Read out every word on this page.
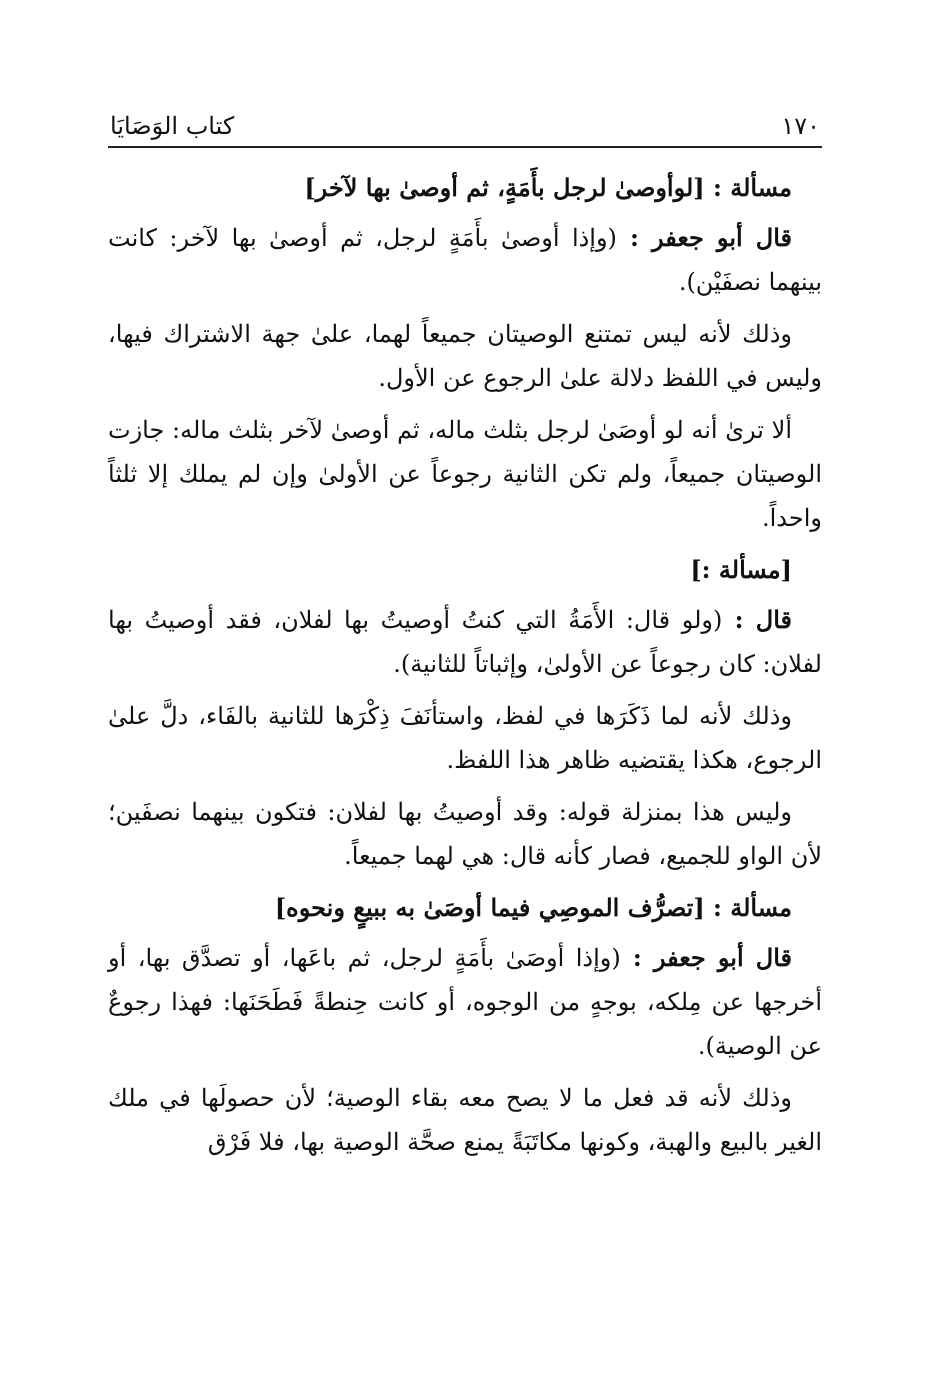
١٧٠
كتاب الوَصَايَا

مسألة : [لوأوصىٰ لرجل بأَمَةٍ، ثم أوصىٰ بها لآخر]

قال أبو جعفر : (وإذا أوصىٰ بأَمَةٍ لرجل، ثم أوصىٰ بها لآخر: كانت بينهما نصفَيْن).

وذلك لأنه ليس تمتنع الوصيتان جميعاً لهما، علىٰ جهة الاشتراك فيها، وليس في اللفظ دلالة علىٰ الرجوع عن الأول.

ألا ترىٰ أنه لو أوصَىٰ لرجل بثلث ماله، ثم أوصىٰ لآخر بثلث ماله: جازت الوصيتان جميعاً، ولم تكن الثانية رجوعاً عن الأولىٰ وإن لم يملك إلا ثلثاً واحداً.

[مسألة :]

قال : (ولو قال: الأَمَةُ التي كنتُ أوصيتُ بها لفلان، فقد أوصيتُ بها لفلان: كان رجوعاً عن الأولىٰ، وإثباتاً للثانية).

وذلك لأنه لما ذَكَرَها في لفظ، واستأنَفَ ذِكْرَها للثانية بالفَاء، دلَّ علىٰ الرجوع، هكذا يقتضيه ظاهر هذا اللفظ.

وليس هذا بمنزلة قوله: وقد أوصيتُ بها لفلان: فتكون بينهما نصفَين؛ لأن الواو للجميع، فصار كأنه قال: هي لهما جميعاً.

مسألة : [تصرُّف الموصِي فيما أوصَىٰ به ببيعٍ ونحوه]

قال أبو جعفر : (وإذا أوصَىٰ بأَمَةٍ لرجل، ثم باعَها، أو تصدَّق بها، أو أخرجها عن مِلكه، بوجهٍ من الوجوه، أو كانت حِنطةً فَطَحَنَها: فهذا رجوعٌ عن الوصية).

وذلك لأنه قد فعل ما لا يصح معه بقاء الوصية؛ لأن حصولَها في ملك الغير بالبيع والهبة، وكونها مكاتَبَةً يمنع صحَّة الوصية بها، فلا فَرْق
